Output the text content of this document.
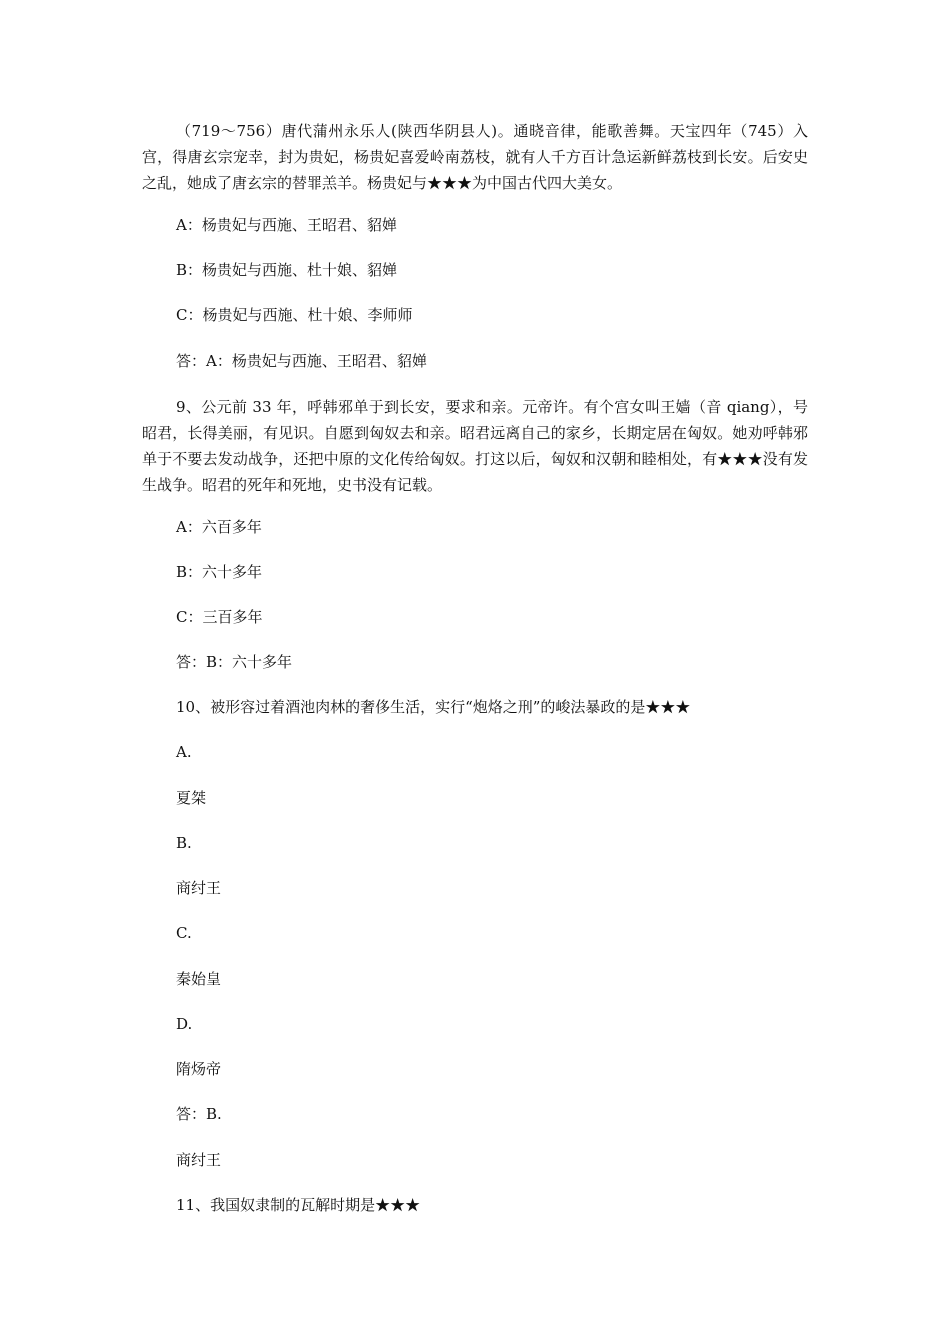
（719～756）唐代蒲州永乐人(陕西华阴县人)。通晓音律，能歌善舞。天宝四年（745）入宫，得唐玄宗宠幸，封为贵妃，杨贵妃喜爱岭南荔枝，就有人千方百计急运新鲜荔枝到长安。后安史之乱，她成了唐玄宗的替罪羔羊。杨贵妃与★★★为中国古代四大美女。

A：杨贵妃与西施、王昭君、貂婵

B：杨贵妃与西施、杜十娘、貂婵

C：杨贵妃与西施、杜十娘、李师师

答：A：杨贵妃与西施、王昭君、貂婵

9、公元前 33 年，呼韩邪单于到长安，要求和亲。元帝许。有个宫女叫王嫱（音 qiang），号昭君，长得美丽，有见识。自愿到匈奴去和亲。昭君远离自己的家乡，长期定居在匈奴。她劝呼韩邪单于不要去发动战争，还把中原的文化传给匈奴。打这以后，匈奴和汉朝和睦相处，有★★★没有发生战争。昭君的死年和死地，史书没有记载。

A：六百多年

B：六十多年

C：三百多年

答：B：六十多年

10、被形容过着酒池肉林的奢侈生活，实行“炮烙之刑”的峻法暴政的是★★★

A.

夏桀

B.

商纣王

C.

秦始皇

D.

隋炀帝

答：B.

商纣王

11、我国奴隶制的瓦解时期是★★★
